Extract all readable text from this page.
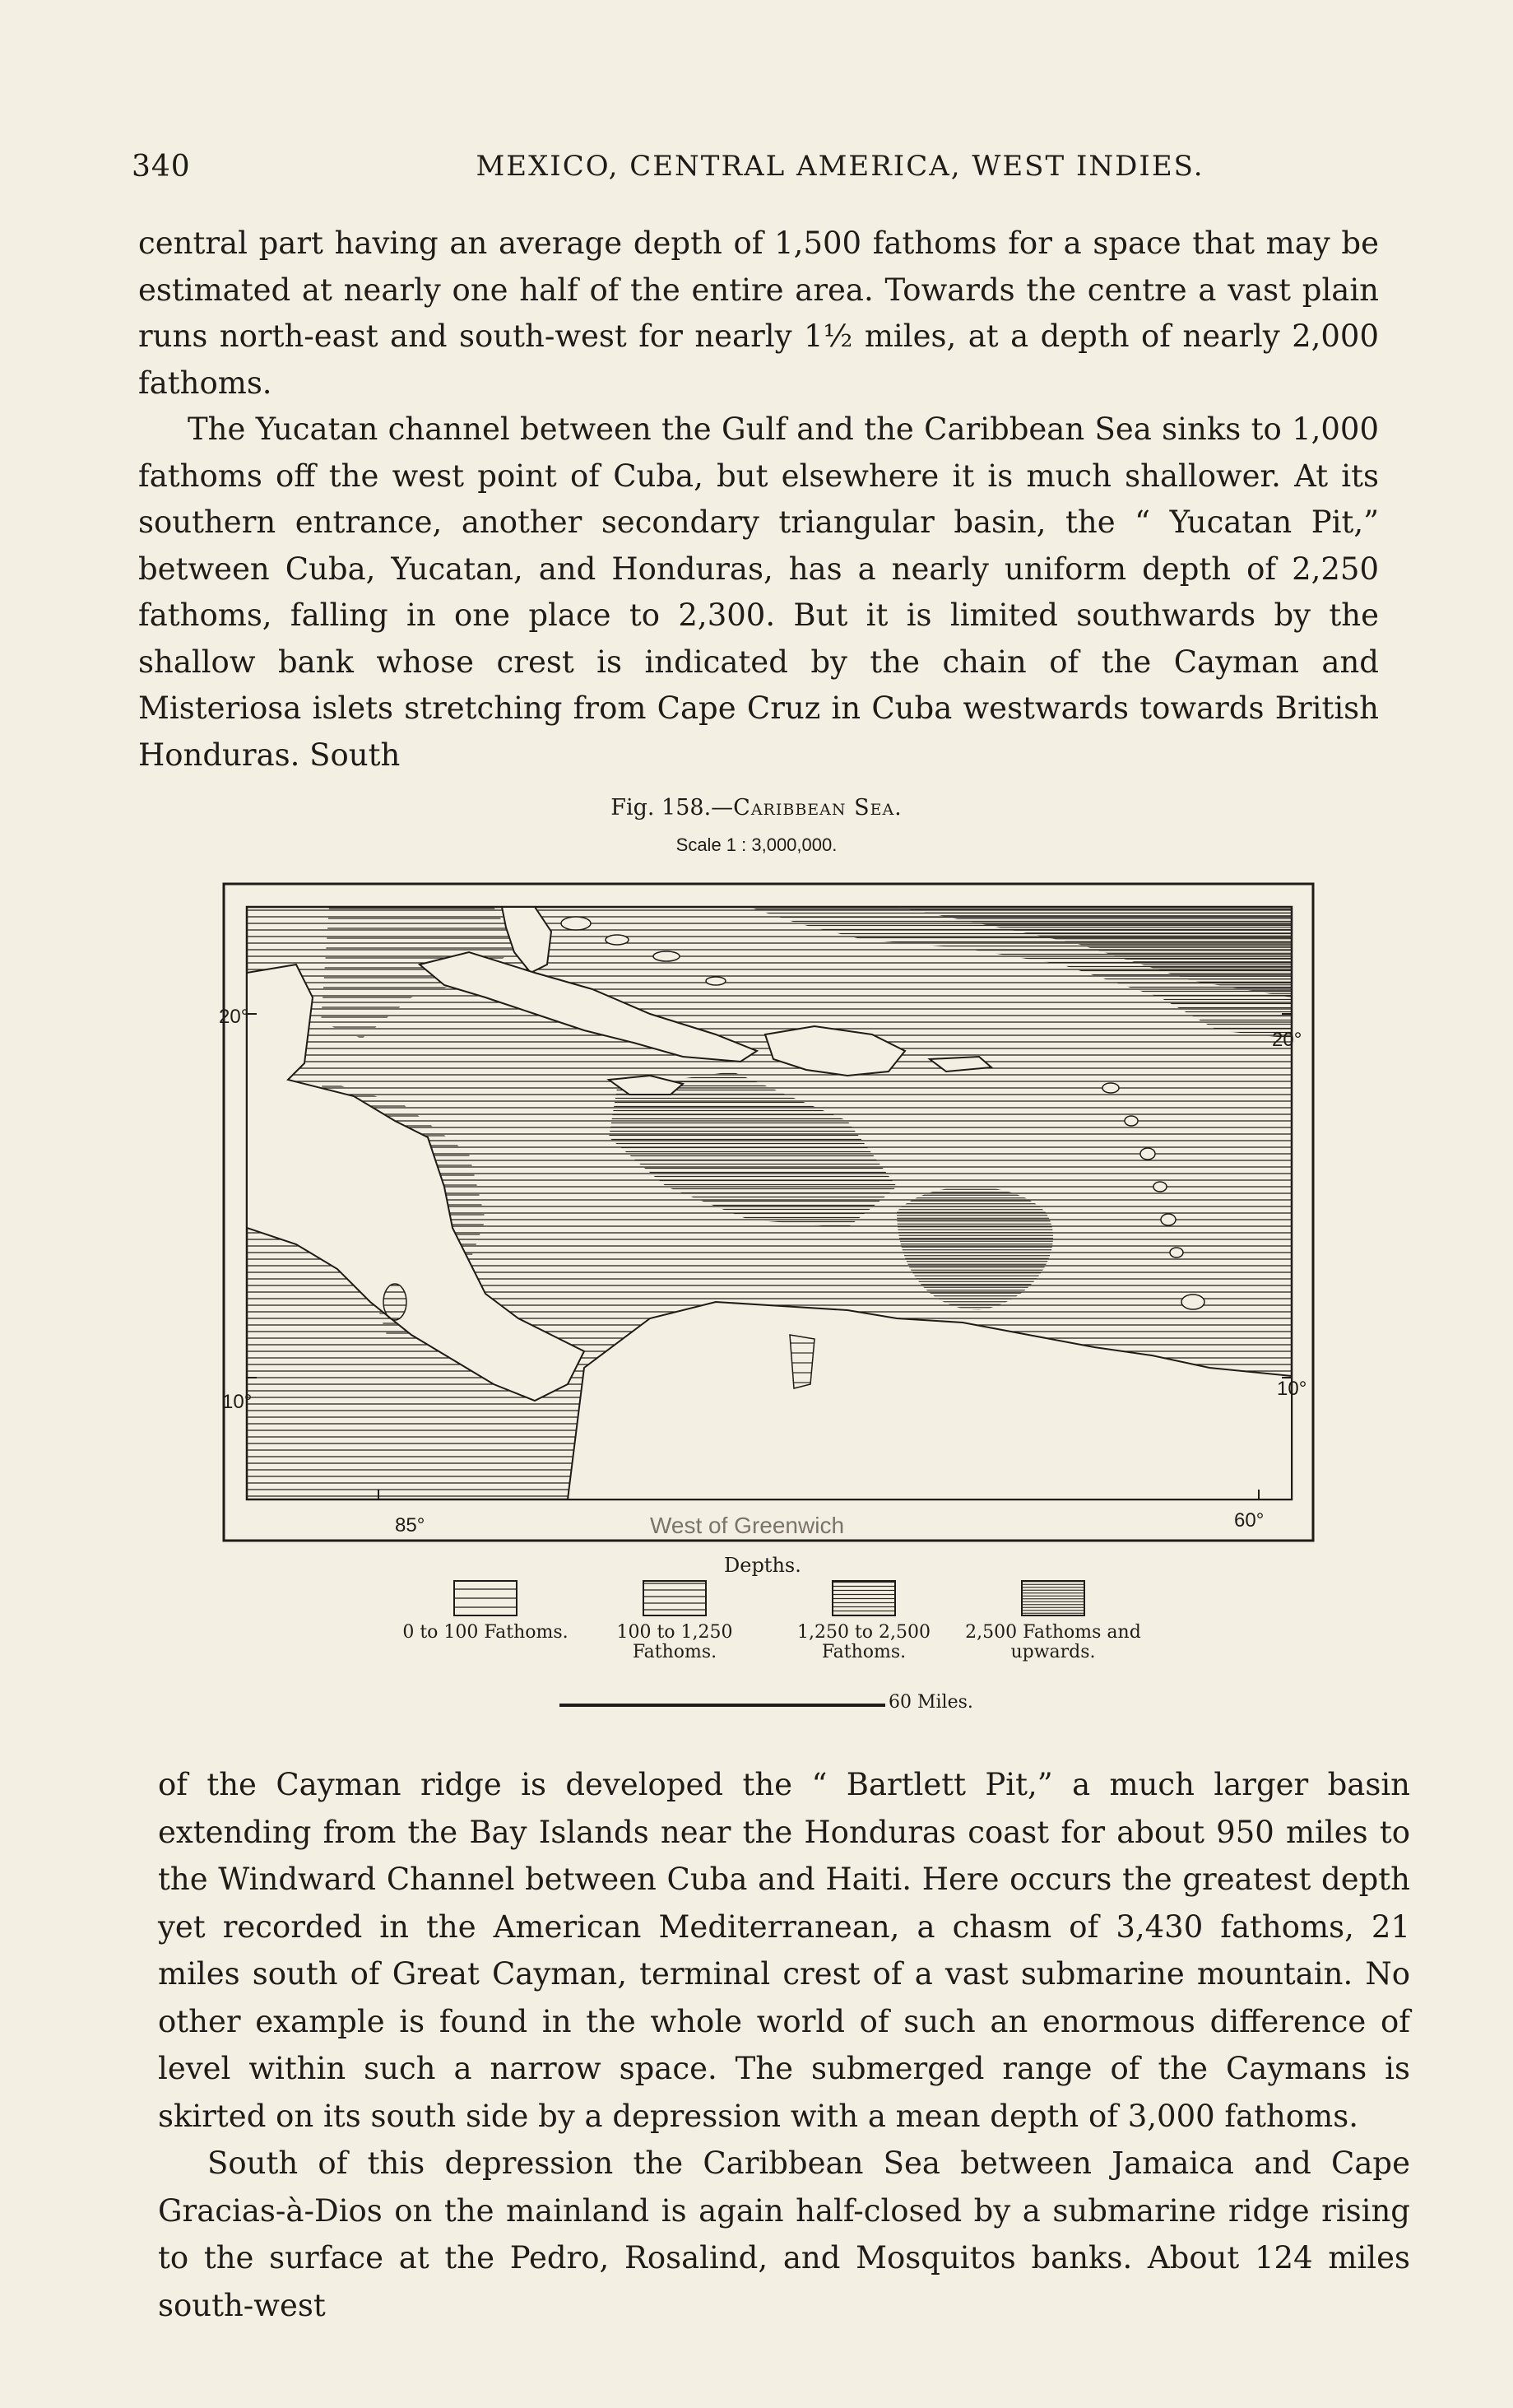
340	MEXICO, CENTRAL AMERICA, WEST INDIES.

central part having an average depth of 1,500 fathoms for a space that may be estimated at nearly one half of the entire area. Towards the centre a vast plain runs north-east and south-west for nearly 1½ miles, at a depth of nearly 2,000 fathoms.

The Yucatan channel between the Gulf and the Caribbean Sea sinks to 1,000 fathoms off the west point of Cuba, but elsewhere it is much shallower. At its southern entrance, another secondary triangular basin, the “ Yucatan Pit,” between Cuba, Yucatan, and Honduras, has a nearly uniform depth of 2,250 fathoms, falling in one place to 2,300. But it is limited southwards by the shallow bank whose crest is indicated by the chain of the Cayman and Misteriosa islets stretching from Cape Cruz in Cuba westwards towards British Honduras. South

Fig. 158.—Caribbean Sea.
Scale 1 : 3,000,000.
20°
20°
10°
10°
85°	60°
West of Greenwich
Depths.
0 to 100 Fathoms.	100 to 1,250 Fathoms.
1,250 to 2,500 Fathoms.
2,500 Fathoms and upwards.
60 Miles.

of the Cayman ridge is developed the “ Bartlett Pit,” a much larger basin extending from the Bay Islands near the Honduras coast for about 950 miles to the Windward Channel between Cuba and Haiti. Here occurs the greatest depth yet recorded in the American Mediterranean, a chasm of 3,430 fathoms, 21 miles south of Great Cayman, terminal crest of a vast submarine mountain. No other example is found in the whole world of such an enormous difference of level within such a narrow space. The submerged range of the Caymans is skirted on its south side by a depression with a mean depth of 3,000 fathoms.

South of this depression the Caribbean Sea between Jamaica and Cape Gracias-à-Dios on the mainland is again half-closed by a submarine ridge rising to the surface at the Pedro, Rosalind, and Mosquitos banks. About 124 miles south-west
